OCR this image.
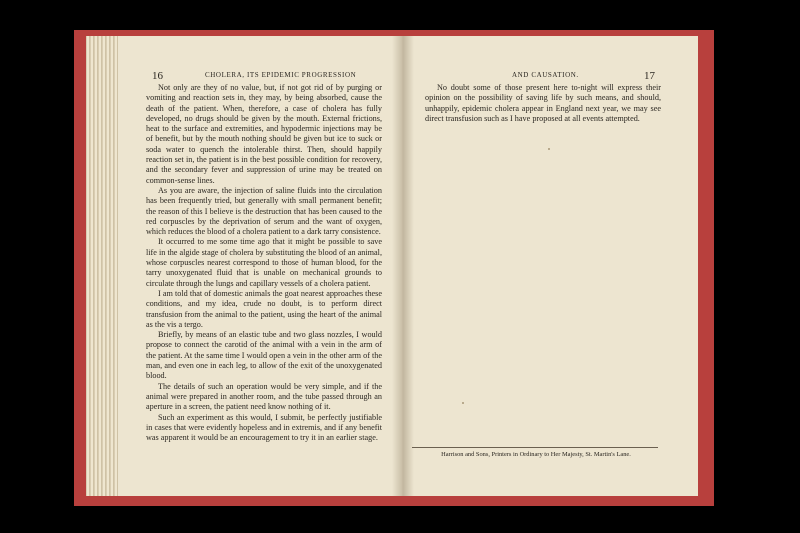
16	CHOLERA, ITS EPIDEMIC PROGRESSION

Not only are they of no value, but, if not got rid of by purging or vomiting and reaction sets in, they may, by being absorbed, cause the death of the patient. When, therefore, a case of cholera has fully developed, no drugs should be given by the mouth. External frictions, heat to the surface and extremities, and hypodermic injections may be of benefit, but by the mouth nothing should be given but ice to suck or soda water to quench the intolerable thirst. Then, should happily reaction set in, the patient is in the best possible condition for recovery, and the secondary fever and suppression of urine may be treated on common-sense lines.

As you are aware, the injection of saline fluids into the circulation has been frequently tried, but generally with small permanent benefit; the reason of this I believe is the destruction that has been caused to the red corpuscles by the deprivation of serum and the want of oxygen, which reduces the blood of a cholera patient to a dark tarry consistence.

It occurred to me some time ago that it might be possible to save life in the algide stage of cholera by substituting the blood of an animal, whose corpuscles nearest correspond to those of human blood, for the tarry unoxygenated fluid that is unable on mechanical grounds to circulate through the lungs and capillary vessels of a cholera patient.

I am told that of domestic animals the goat nearest approaches these conditions, and my idea, crude no doubt, is to perform direct transfusion from the animal to the patient, using the heart of the animal as the vis a tergo.

Briefly, by means of an elastic tube and two glass nozzles, I would propose to connect the carotid of the animal with a vein in the arm of the patient. At the same time I would open a vein in the other arm of the man, and even one in each leg, to allow of the exit of the unoxygenated blood.

The details of such an operation would be very simple, and if the animal were prepared in another room, and the tube passed through an aperture in a screen, the patient need know nothing of it.

Such an experiment as this would, I submit, be perfectly justifiable in cases that were evidently hopeless and in extremis, and if any benefit was apparent it would be an encouragement to try it in an earlier stage.

AND CAUSATION.	17

No doubt some of those present here to-night will express their opinion on the possibility of saving life by such means, and should, unhappily, epidemic cholera appear in England next year, we may see direct transfusion such as I have proposed at all events attempted.

Harrison and Sons, Printers in Ordinary to Her Majesty, St. Martin's Lane.
